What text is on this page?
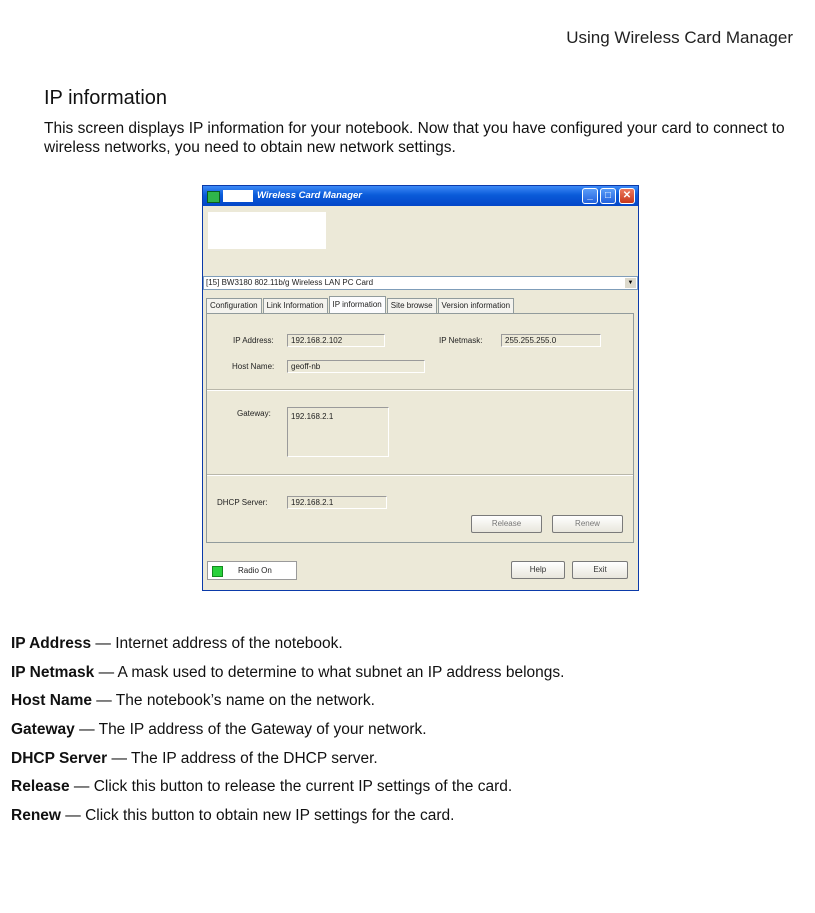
Using Wireless Card Manager
IP information

This screen displays IP information for your notebook. Now that you have configured your card to connect to wireless networks, you need to obtain new network settings.

Wireless Card Manager	_	□	✕
[15] BW3180 802.11b/g Wireless LAN PC Card	▼
Configuration	Link Information	IP information	Site browse	Version information
IP Address:	192.168.2.102	IP Netmask:	255.255.255.0
Host Name:	geoff-nb
Gateway:	192.168.2.1
DHCP Server:	192.168.2.1
Release	Renew
Radio On	Help	Exit
IP Address — Internet address of the notebook.
IP Netmask — A mask used to determine to what subnet an IP address belongs.
Host Name — The notebook’s name on the network.
Gateway — The IP address of the Gateway of your network.
DHCP Server — The IP address of the DHCP server.
Release — Click this button to release the current IP settings of the card.
Renew — Click this button to obtain new IP settings for the card.
